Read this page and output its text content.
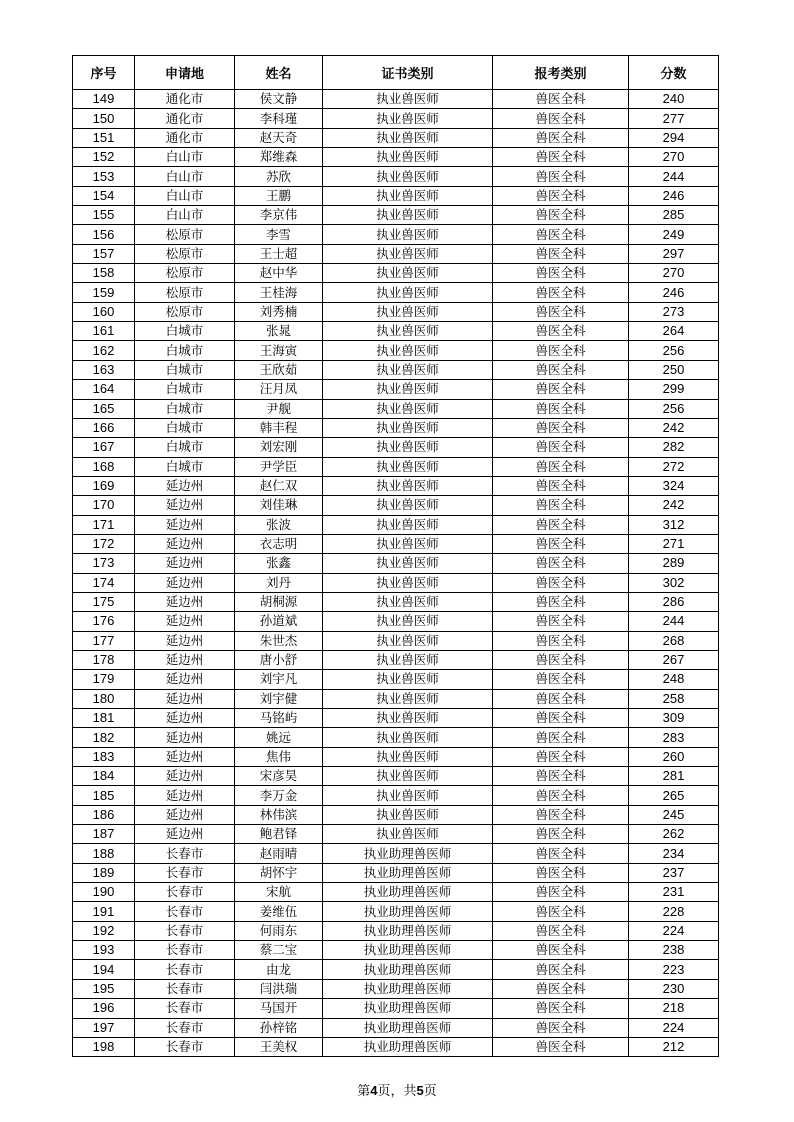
序号	申请地	姓名	证书类别	报考类别	分数
149	通化市	侯文静	执业兽医师	兽医全科	240
150	通化市	李科瑾	执业兽医师	兽医全科	277
151	通化市	赵天奇	执业兽医师	兽医全科	294
152	白山市	郑维森	执业兽医师	兽医全科	270
153	白山市	苏欣	执业兽医师	兽医全科	244
154	白山市	王鹏	执业兽医师	兽医全科	246
155	白山市	李京伟	执业兽医师	兽医全科	285
156	松原市	李雪	执业兽医师	兽医全科	249
157	松原市	王士超	执业兽医师	兽医全科	297
158	松原市	赵中华	执业兽医师	兽医全科	270
159	松原市	王桂海	执业兽医师	兽医全科	246
160	松原市	刘秀楠	执业兽医师	兽医全科	273
161	白城市	张晁	执业兽医师	兽医全科	264
162	白城市	王海寅	执业兽医师	兽医全科	256
163	白城市	王欣茹	执业兽医师	兽医全科	250
164	白城市	汪月凤	执业兽医师	兽医全科	299
165	白城市	尹舰	执业兽医师	兽医全科	256
166	白城市	韩丰程	执业兽医师	兽医全科	242
167	白城市	刘宏刚	执业兽医师	兽医全科	282
168	白城市	尹学臣	执业兽医师	兽医全科	272
169	延边州	赵仁双	执业兽医师	兽医全科	324
170	延边州	刘佳琳	执业兽医师	兽医全科	242
171	延边州	张波	执业兽医师	兽医全科	312
172	延边州	衣志明	执业兽医师	兽医全科	271
173	延边州	张鑫	执业兽医师	兽医全科	289
174	延边州	刘丹	执业兽医师	兽医全科	302
175	延边州	胡桐源	执业兽医师	兽医全科	286
176	延边州	孙道斌	执业兽医师	兽医全科	244
177	延边州	朱世杰	执业兽医师	兽医全科	268
178	延边州	唐小舒	执业兽医师	兽医全科	267
179	延边州	刘宇凡	执业兽医师	兽医全科	248
180	延边州	刘宇健	执业兽医师	兽医全科	258
181	延边州	马铭屿	执业兽医师	兽医全科	309
182	延边州	姚远	执业兽医师	兽医全科	283
183	延边州	焦伟	执业兽医师	兽医全科	260
184	延边州	宋彦昊	执业兽医师	兽医全科	281
185	延边州	李万金	执业兽医师	兽医全科	265
186	延边州	林伟滨	执业兽医师	兽医全科	245
187	延边州	鲍君铎	执业兽医师	兽医全科	262
188	长春市	赵雨晴	执业助理兽医师	兽医全科	234
189	长春市	胡怀宇	执业助理兽医师	兽医全科	237
190	长春市	宋航	执业助理兽医师	兽医全科	231
191	长春市	姜维伍	执业助理兽医师	兽医全科	228
192	长春市	何雨东	执业助理兽医师	兽医全科	224
193	长春市	蔡二宝	执业助理兽医师	兽医全科	238
194	长春市	由龙	执业助理兽医师	兽医全科	223
195	长春市	闫洪瑞	执业助理兽医师	兽医全科	230
196	长春市	马国开	执业助理兽医师	兽医全科	218
197	长春市	孙梓铭	执业助理兽医师	兽医全科	224
198	长春市	王美权	执业助理兽医师	兽医全科	212
第4页，共5页
